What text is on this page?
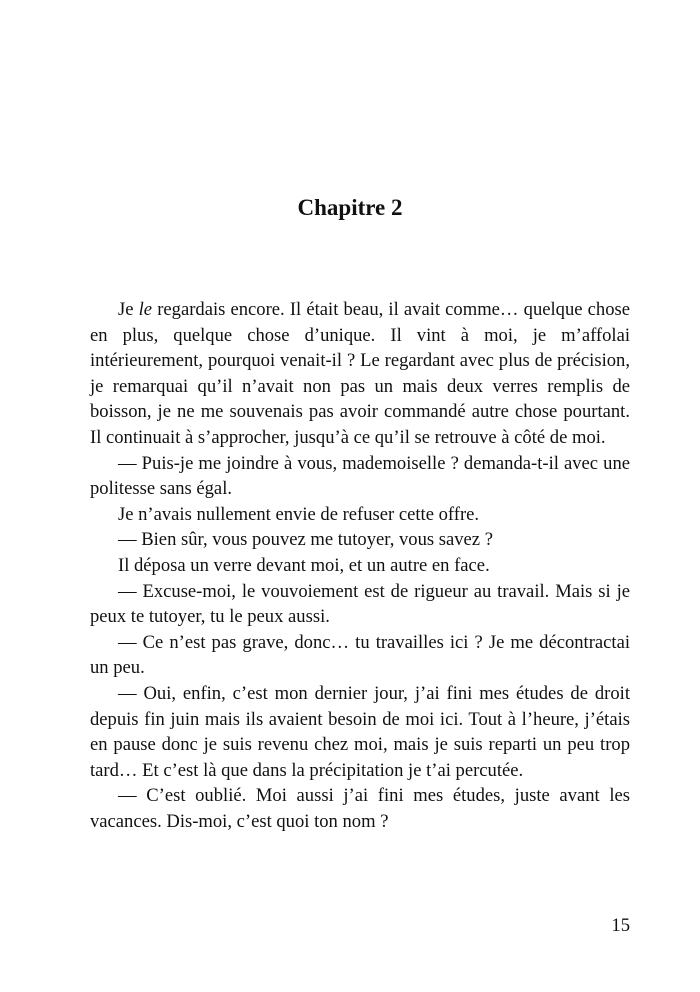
Chapitre 2

Je le regardais encore. Il était beau, il avait comme… quelque chose en plus, quelque chose d’unique. Il vint à moi, je m’affolai intérieurement, pourquoi venait-il ? Le regardant avec plus de précision, je remarquai qu’il n’avait non pas un mais deux verres remplis de boisson, je ne me souvenais pas avoir commandé autre chose pourtant. Il continuait à s’approcher, jusqu’à ce qu’il se retrouve à côté de moi.

— Puis-je me joindre à vous, mademoiselle ? demanda-t-il avec une politesse sans égal.

Je n’avais nullement envie de refuser cette offre.

— Bien sûr, vous pouvez me tutoyer, vous savez ?

Il déposa un verre devant moi, et un autre en face.

— Excuse-moi, le vouvoiement est de rigueur au travail. Mais si je peux te tutoyer, tu le peux aussi.

— Ce n’est pas grave, donc… tu travailles ici ? Je me décontractai un peu.

— Oui, enfin, c’est mon dernier jour, j’ai fini mes études de droit depuis fin juin mais ils avaient besoin de moi ici. Tout à l’heure, j’étais en pause donc je suis revenu chez moi, mais je suis reparti un peu trop tard… Et c’est là que dans la précipitation je t’ai percutée.

— C’est oublié. Moi aussi j’ai fini mes études, juste avant les vacances. Dis-moi, c’est quoi ton nom ?

15
